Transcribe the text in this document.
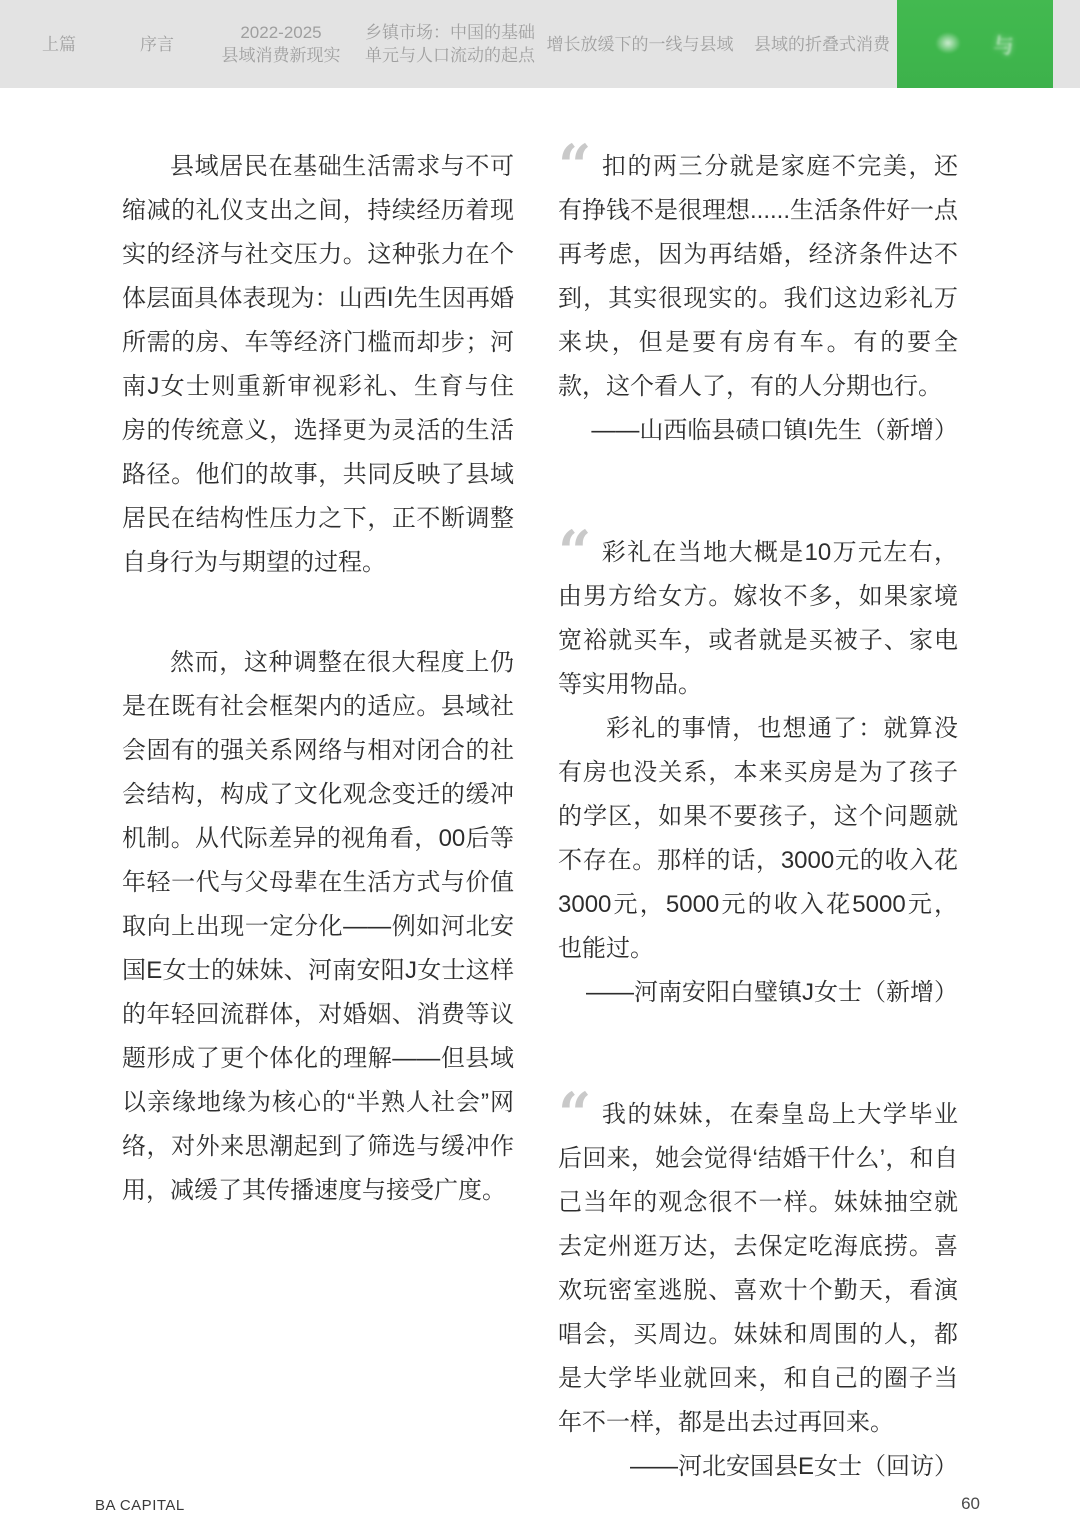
上篇	序言
2022-2025
县域消费新现实
乡镇市场：中国的基础
单元与人口流动的起点
增长放缓下的一线与县域 县域的折叠式消费	与

县域居民在基础生活需求与不可缩减的礼仪支出之间，持续经历着现实的经济与社交压力。这种张力在个体层面具体表现为：山西I先生因再婚所需的房、车等经济门槛而却步；河南J女士则重新审视彩礼、生育与住房的传统意义，选择更为灵活的生活路径。他们的故事，共同反映了县域居民在结构性压力之下，正不断调整自身行为与期望的过程。

然而，这种调整在很大程度上仍是在既有社会框架内的适应。县域社会固有的强关系网络与相对闭合的社会结构，构成了文化观念变迁的缓冲机制。从代际差异的视角看，00后等年轻一代与父母辈在生活方式与价值取向上出现一定分化——例如河北安国E女士的妹妹、河南安阳J女士这样的年轻回流群体，对婚姻、消费等议题形成了更个体化的理解——但县域以亲缘地缘为核心的“半熟人社会”网络，对外来思潮起到了筛选与缓冲作用，减缓了其传播速度与接受广度。

“ 扣的两三分就是家庭不完美，还有挣钱不是很理想......生活条件好一点再考虑，因为再结婚，经济条件达不到，其实很现实的。我们这边彩礼万来块，但是要有房有车。有的要全款，这个看人了，有的人分期也行。

——山西临县碛口镇I先生（新增）

“ 彩礼在当地大概是10万元左右，由男方给女方。嫁妆不多，如果家境宽裕就买车，或者就是买被子、家电等实用物品。

彩礼的事情，也想通了：就算没有房也没关系，本来买房是为了孩子的学区，如果不要孩子，这个问题就不存在。那样的话，3000元的收入花3000元，5000元的收入花5000元，也能过。

——河南安阳白璧镇J女士（新增）

“ 我的妹妹，在秦皇岛上大学毕业后回来，她会觉得‘结婚干什么’，和自己当年的观念很不一样。妹妹抽空就去定州逛万达，去保定吃海底捞。喜欢玩密室逃脱、喜欢十个勤天，看演唱会，买周边。妹妹和周围的人，都是大学毕业就回来，和自己的圈子当年不一样，都是出去过再回来。

——河北安国县E女士（回访）

BA CAPITAL	60
